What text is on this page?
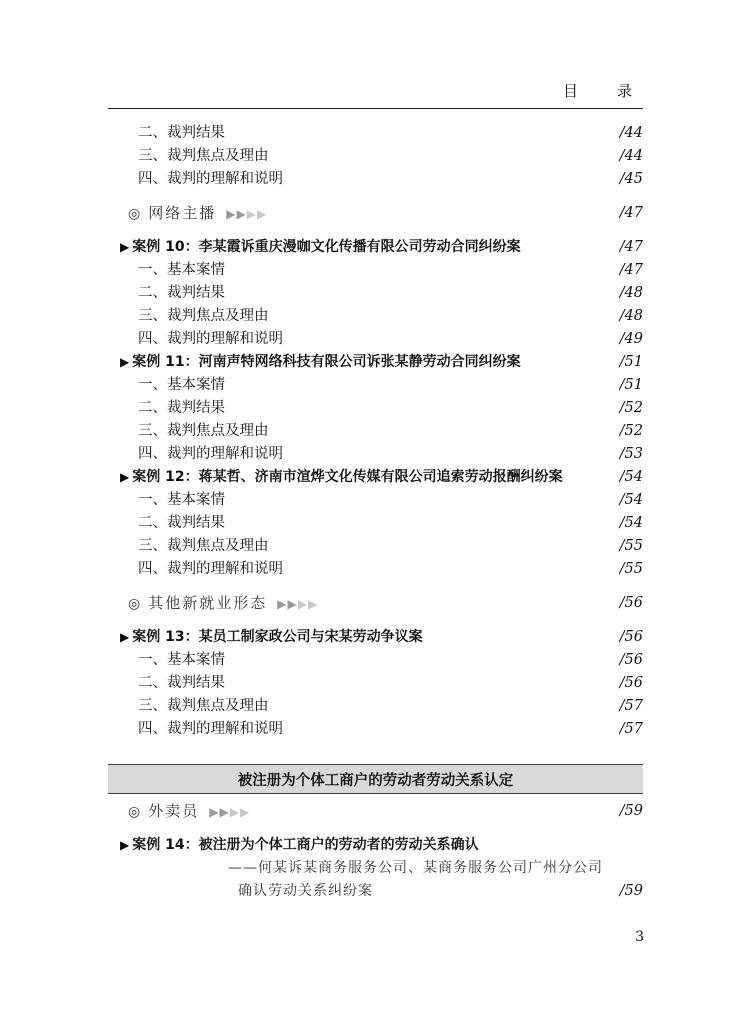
目　录
二、裁判结果	/44
三、裁判焦点及理由	/44
四、裁判的理解和说明	/45
◎ 网络主播 ▶▶▶▶	/47
▶ 案例 10：李某霞诉重庆漫咖文化传播有限公司劳动合同纠纷案	/47
一、基本案情	/47
二、裁判结果	/48
三、裁判焦点及理由	/48
四、裁判的理解和说明	/49
▶ 案例 11：河南声特网络科技有限公司诉张某静劳动合同纠纷案	/51
一、基本案情	/51
二、裁判结果	/52
三、裁判焦点及理由	/52
四、裁判的理解和说明	/53
▶ 案例 12：蒋某哲、济南市渲烨文化传媒有限公司追索劳动报酬纠纷案	/54
一、基本案情	/54
二、裁判结果	/54
三、裁判焦点及理由	/55
四、裁判的理解和说明	/55
◎ 其他新就业形态 ▶▶▶▶	/56
▶ 案例 13：某员工制家政公司与宋某劳动争议案	/56
一、基本案情	/56
二、裁判结果	/56
三、裁判焦点及理由	/57
四、裁判的理解和说明	/57
◎ 外卖员 ▶▶▶▶	/59
▶ 案例 14：被注册为个体工商户的劳动者的劳动关系确认
——何某诉某商务服务公司、某商务服务公司广州分公司
确认劳动关系纠纷案	/59
被注册为个体工商户的劳动者劳动关系认定
3
